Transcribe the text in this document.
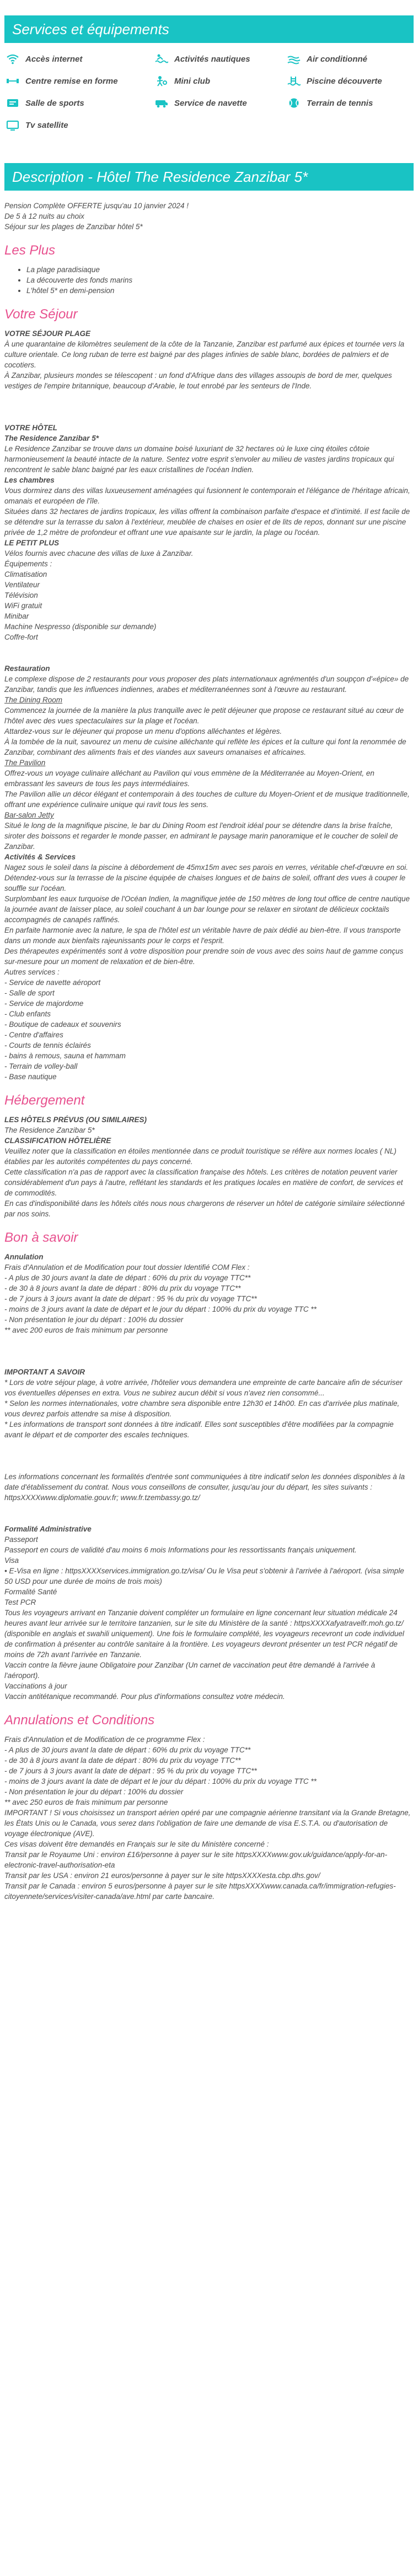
Services et équipements
Accès internet	Activités nautiques	Air conditionné
Centre remise en forme	Mini club	Piscine découverte
Salle de sports	Service de navette	Terrain de tennis
Tv satellite
Description - Hôtel The Residence Zanzibar 5*

Pension Complète OFFERTE jusqu'au 10 janvier 2024 !

De 5 à 12 nuits au choix

Séjour sur les plages de Zanzibar hôtel 5*

Les Plus
• La plage paradisiaque
• La découverte des fonds marins
• L'hôtel 5* en demi-pension
Votre Séjour

VOTRE SÉJOUR PLAGE

À une quarantaine de kilomètres seulement de la côte de la Tanzanie, Zanzibar est parfumé aux épices et tournée vers la culture orientale. Ce long ruban de terre est baigné par des plages infinies de sable blanc, bordées de palmiers et de cocotiers.

À Zanzibar, plusieurs mondes se télescopent : un fond d'Afrique dans des villages assoupis de bord de mer, quelques vestiges de l'empire britannique, beaucoup d'Arabie, le tout enrobé par les senteurs de l'Inde.

VOTRE HÔTEL

The Residence Zanzibar 5*

Le Residence Zanzibar se trouve dans un domaine boisé luxuriant de 32 hectares où le luxe cinq étoiles côtoie harmonieusement la beauté intacte de la nature. Sentez votre esprit s'envoler au milieu de vastes jardins tropicaux qui rencontrent le sable blanc baigné par les eaux cristallines de l'océan Indien.

Les chambres

Vous dormirez dans des villas luxueusement aménagées qui fusionnent le contemporain et l'élégance de l'héritage africain, omanais et européen de l'île.

Situées dans 32 hectares de jardins tropicaux, les villas offrent la combinaison parfaite d'espace et d'intimité. Il est facile de se détendre sur la terrasse du salon à l'extérieur, meublée de chaises en osier et de lits de repos, donnant sur une piscine privée de 1,2 mètre de profondeur et offrant une vue apaisante sur le jardin, la plage ou l'océan.

LE PETIT PLUS

Vélos fournis avec chacune des villas de luxe à Zanzibar.

Équipements :

Climatisation

Ventilateur

Télévision

WiFi gratuit

Minibar

Machine Nespresso (disponible sur demande)

Coffre-fort

Restauration

Le complexe dispose de 2 restaurants pour vous proposer des plats internationaux agrémentés d'un soupçon d'«épice» de Zanzibar, tandis que les influences indiennes, arabes et méditerranéennes sont à l'œuvre au restaurant.

The Dining Room

Commencez la journée de la manière la plus tranquille avec le petit déjeuner que propose ce restaurant situé au cœur de l'hôtel avec des vues spectaculaires sur la plage et l'océan.

Attardez-vous sur le déjeuner qui propose un menu d'options alléchantes et légères.

À la tombée de la nuit, savourez un menu de cuisine alléchante qui reflète les épices et la culture qui font la renommée de Zanzibar, combinant des aliments frais et des viandes aux saveurs omanaises et africaines.

The Pavilion

Offrez-vous un voyage culinaire alléchant au Pavilion qui vous emmène de la Méditerranée au Moyen-Orient, en embrassant les saveurs de tous les pays intermédiaires.

The Pavilion allie un décor élégant et contemporain à des touches de culture du Moyen-Orient et de musique traditionnelle, offrant une expérience culinaire unique qui ravit tous les sens.

Bar-salon Jetty

Situé le long de la magnifique piscine, le bar du Dining Room est l'endroit idéal pour se détendre dans la brise fraîche, siroter des boissons et regarder le monde passer, en admirant le paysage marin panoramique et le coucher de soleil de Zanzibar.

Activités & Services

Nagez sous le soleil dans la piscine à débordement de 45mx15m avec ses parois en verres, véritable chef-d'œuvre en soi. Détendez-vous sur la terrasse de la piscine équipée de chaises longues et de bains de soleil, offrant des vues à couper le souffle sur l'océan.

Surplombant les eaux turquoise de l'Océan Indien, la magnifique jetée de 150 mètres de long tout office de centre nautique la journée avant de laisser place, au soleil couchant à un bar lounge pour se relaxer en sirotant de délicieux cocktails accompagnés de canapés raffinés.

En parfaite harmonie avec la nature, le spa de l'hôtel est un véritable havre de paix dédié au bien-être. Il vous transporte dans un monde aux bienfaits rajeunissants pour le corps et l'esprit.

Des thérapeutes expérimentés sont à votre disposition pour prendre soin de vous avec des soins haut de gamme conçus sur-mesure pour un moment de relaxation et de bien-être.

Autres services :

- Service de navette aéroport

- Salle de sport

- Service de majordome

- Club enfants

- Boutique de cadeaux et souvenirs

- Centre d'affaires

- Courts de tennis éclairés

- bains à remous, sauna et hammam

- Terrain de volley-ball

- Base nautique

Hébergement

LES HÔTELS PRÉVUS (OU SIMILAIRES)

The Residence Zanzibar 5*

CLASSIFICATION HÔTELIÈRE

Veuillez noter que la classification en étoiles mentionnée dans ce produit touristique se réfère aux normes locales ( NL) établies par les autorités compétentes du pays concerné.

Cette classification n'a pas de rapport avec la classification française des hôtels. Les critères de notation peuvent varier considérablement d'un pays à l'autre, reflétant les standards et les pratiques locales en matière de confort, de services et de commodités.

En cas d'indisponibilité dans les hôtels cités nous nous chargerons de réserver un hôtel de catégorie similaire sélectionné par nos soins.

Bon à savoir

Annulation

Frais d'Annulation et de Modification pour tout dossier Identifié COM Flex :

- A plus de 30 jours avant la date de départ : 60% du prix du voyage TTC**

- de 30 à 8 jours avant la date de départ : 80% du prix du voyage TTC**

- de 7 jours à 3 jours avant la date de départ : 95 % du prix du voyage TTC**

- moins de 3 jours avant la date de départ et le jour du départ : 100% du prix du voyage TTC **

- Non présentation le jour du départ : 100% du dossier

** avec 200 euros de frais minimum par personne

IMPORTANT A SAVOIR

* Lors de votre séjour plage, à votre arrivée, l'hôtelier vous demandera une empreinte de carte bancaire afin de sécuriser vos éventuelles dépenses en extra. Vous ne subirez aucun débit si vous n'avez rien consommé...

* Selon les normes internationales, votre chambre sera disponible entre 12h30 et 14h00. En cas d'arrivée plus matinale, vous devrez parfois attendre sa mise à disposition.

* Les informations de transport sont données à titre indicatif. Elles sont susceptibles d'être modifiées par la compagnie avant le départ et de comporter des escales techniques.

Les informations concernant les formalités d'entrée sont communiquées à titre indicatif selon les données disponibles à la date d'établissement du contrat. Nous vous conseillons de consulter, jusqu'au jour du départ, les sites suivants : httpsXXXXwww.diplomatie.gouv.fr; www.fr.tzembassy.go.tz/

Formalité Administrative

Passeport

Passeport en cours de validité d'au moins 6 mois Informations pour les ressortissants français uniquement.

Visa

• E-Visa en ligne : httpsXXXXservices.immigration.go.tz/visa/ Ou le Visa peut s'obtenir à l'arrivée à l'aéroport. (visa simple 50 USD pour une durée de moins de trois mois)

Formalité Santé

Test PCR

Tous les voyageurs arrivant en Tanzanie doivent compléter un formulaire en ligne concernant leur situation médicale 24 heures avant leur arrivée sur le territoire tanzanien, sur le site du Ministère de la santé : httpsXXXXafyatravelfr.moh.go.tz/ (disponible en anglais et swahili uniquement). Une fois le formulaire complété, les voyageurs recevront un code individuel de confirmation à présenter au contrôle sanitaire à la frontière. Les voyageurs devront présenter un test PCR négatif de moins de 72h avant l'arrivée en Tanzanie.

Vaccin contre la fièvre jaune Obligatoire pour Zanzibar (Un carnet de vaccination peut être demandé à l'arrivée à l'aéroport).

Vaccinations à jour

Vaccin antitétanique recommandé. Pour plus d'informations consultez votre médecin.

Annulations et Conditions

Frais d'Annulation et de Modification de ce programme Flex :

- A plus de 30 jours avant la date de départ : 60% du prix du voyage TTC**

- de 30 à 8 jours avant la date de départ : 80% du prix du voyage TTC**

- de 7 jours à 3 jours avant la date de départ : 95 % du prix du voyage TTC**

- moins de 3 jours avant la date de départ et le jour du départ : 100% du prix du voyage TTC **

- Non présentation le jour du départ : 100% du dossier

** avec 250 euros de frais minimum par personne

IMPORTANT ! Si vous choisissez un transport aérien opéré par une compagnie aérienne transitant via la Grande Bretagne, les États Unis ou le Canada, vous serez dans l'obligation de faire une demande de visa E.S.T.A. ou d'autorisation de voyage électronique (AVE).

Ces visas doivent être demandés en Français sur le site du Ministère concerné :

Transit par le Royaume Uni : environ £16/personne à payer sur le site httpsXXXXwww.gov.uk/guidance/apply-for-an-electronic-travel-authorisation-eta

Transit par les USA : environ 21 euros/personne à payer sur le site httpsXXXXesta.cbp.dhs.gov/

Transit par le Canada : environ 5 euros/personne à payer sur le site httpsXXXXwww.canada.ca/fr/immigration-refugies-citoyennete/services/visiter-canada/ave.html par carte bancaire.
